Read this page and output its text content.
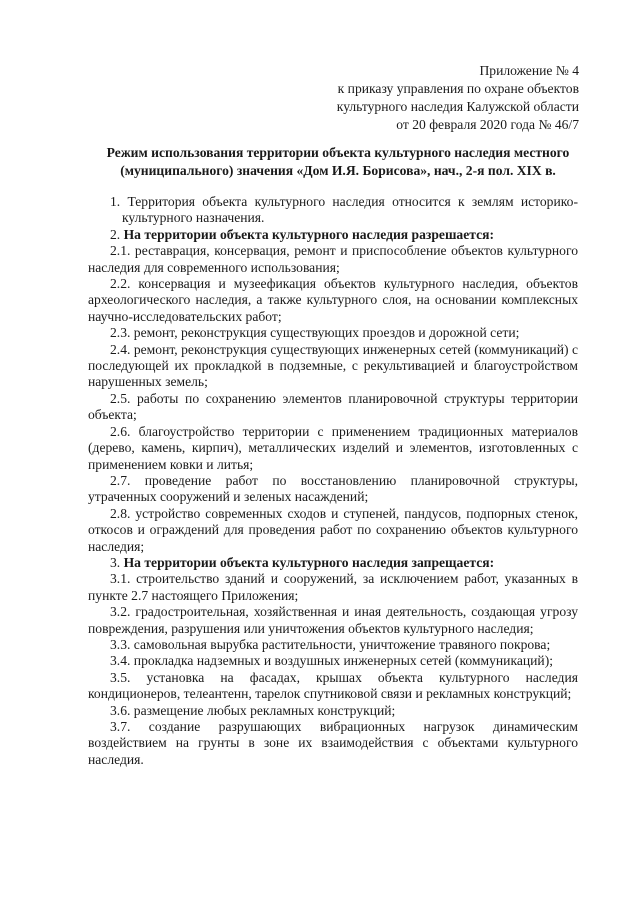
Приложение № 4
к приказу управления по охране объектов
культурного наследия Калужской области
от 20 февраля 2020 года № 46/7
Режим использования территории объекта культурного наследия местного
(муниципального) значения «Дом И.Я. Борисова», нач., 2-я пол. XIX в.

1. Территория объекта культурного наследия относится к землям историко-культурного назначения.

2. На территории объекта культурного наследия разрешается:

2.1. реставрация, консервация, ремонт и приспособление объектов культурного наследия для современного использования;

2.2. консервация и музеефикация объектов культурного наследия, объектов археологического наследия, а также культурного слоя, на основании комплексных научно-исследовательских работ;

2.3. ремонт, реконструкция существующих проездов и дорожной сети;

2.4. ремонт, реконструкция существующих инженерных сетей (коммуникаций) с последующей их прокладкой в подземные, с рекультивацией и благоустройством нарушенных земель;

2.5. работы по сохранению элементов планировочной структуры территории объекта;

2.6. благоустройство территории с применением традиционных материалов (дерево, камень, кирпич), металлических изделий и элементов, изготовленных с применением ковки и литья;

2.7. проведение работ по восстановлению планировочной структуры, утраченных сооружений и зеленых насаждений;

2.8. устройство современных сходов и ступеней, пандусов, подпорных стенок, откосов и ограждений для проведения работ по сохранению объектов культурного наследия;

3. На территории объекта культурного наследия запрещается:

3.1. строительство зданий и сооружений, за исключением работ, указанных в пункте 2.7 настоящего Приложения;

3.2. градостроительная, хозяйственная и иная деятельность, создающая угрозу повреждения, разрушения или уничтожения объектов культурного наследия;

3.3. самовольная вырубка растительности, уничтожение травяного покрова;

3.4. прокладка надземных и воздушных инженерных сетей (коммуникаций);

3.5. установка на фасадах, крышах объекта культурного наследия кондиционеров, телеантенн, тарелок спутниковой связи и рекламных конструкций;

3.6. размещение любых рекламных конструкций;

3.7. создание разрушающих вибрационных нагрузок динамическим воздействием на грунты в зоне их взаимодействия с объектами культурного наследия.
